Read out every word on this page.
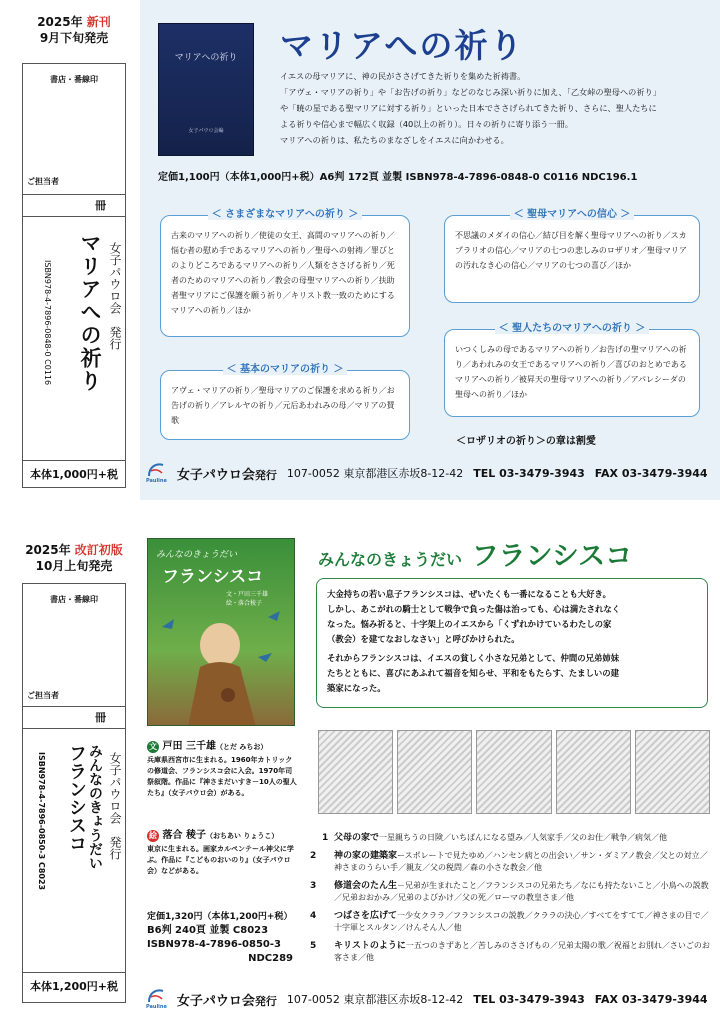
2025年 新刊
9月下旬発売
書店・番線印
ご担当者
冊
マリアへの祈り
ISBN978-4-7896-0848-0 C0116	女子パウロ会　発行
本体1,000円+税
マリアへの祈り
女子パウロ会編
マリアへの祈り
イエスの母マリアに、神の民がささげてきた祈りを集めた祈祷書。
「アヴェ・マリアの祈り」や「お告げの祈り」などのなじみ深い祈りに加え、「乙女峠の聖母への祈り」
や「暁の星である聖マリアに対する祈り」といった日本でささげられてきた祈り、さらに、聖人たちに
よる祈りや信心まで幅広く収録（40以上の祈り）。日々の祈りに寄り添う一冊。
マリアへの祈りは、私たちのまなざしをイエスに向かわせる。
定価1,100円（本体1,000円+税）A6判 172頁 並製 ISBN978-4-7896-0848-0 C0116 NDC196.1
＜ さまざまなマリアへの祈り ＞
古来のマリアへの祈り／使徒の女王、高間のマリアへの祈り／悩む者の慰め手であるマリアへの祈り／聖母への射祷／罪びとのよりどころであるマリアへの祈り／人類をささげる祈り／死者のためのマリアへの祈り／教会の母聖マリアへの祈り／扶助者聖マリアにご保護を願う祈り／キリスト教一致のためにするマリアへの祈り／ほか
＜ 基本のマリアの祈り ＞
アヴェ・マリアの祈り／聖母マリアのご保護を求める祈り／お告げの祈り／アレルヤの祈り／元后あわれみの母／マリアの賛歌
＜ 聖母マリアへの信心 ＞
不思議のメダイの信心／結び目を解く聖母マリアへの祈り／スカプラリオの信心／マリアの七つの悲しみのロザリオ／聖母マリアの汚れなき心の信心／マリアの七つの喜び／ほか
＜ 聖人たちのマリアへの祈り ＞
いつくしみの母であるマリアへの祈り／お告げの聖マリアへの祈り／あわれみの女王であるマリアへの祈り／喜びのおとめであるマリアへの祈り／被昇天の聖母マリアへの祈り／アパレシーダの聖母への祈り／ほか
＜ロザリオの祈り＞の章は割愛
Pauline 女子パウロ会発行 107-0052 東京都港区赤坂8-12-42 TEL 03-3479-3943 FAX 03-3479-3944
2025年 改訂初版
10月上旬発売
書店・番線印
ご担当者
冊
みんなのきょうだい
フランシスコ
ISBN978-4-7896-0850-3 C8023	女子パウロ会　発行
本体1,200円+税
みんなのきょうだい
フランシスコ
文・戸田三千雄
絵・落合稜子
みんなのきょうだい フランシスコ
大金持ちの若い息子フランシスコは、ぜいたくも一番になることも大好き。
しかし、あこがれの騎士として戦争で負った傷は治っても、心は満たされなく
なった。悩み祈ると、十字架上のイエスから「くずれかけているわたしの家
（教会）を建てなおしなさい」と呼びかけられた。
それからフランシスコは、イエスの貧しく小さな兄弟として、仲間の兄弟姉妹
たちとともに、喜びにあふれて福音を知らせ、平和をもたらす、たましいの建
築家になった。
文 戸田 三千雄（とだ みちお）
兵庫県西宮市に生まれる。1960年カトリックの修道会、フランシスコ会に入会。1970年司祭叙階。作品に『神さまだいすき－10人の聖人たち』（女子パウロ会）がある。
絵 落合 稜子（おちあい りょうこ）
東京に生まれる。画家カルペンテール神父に学ぶ。作品に『こどものおいのり』（女子パウロ会）などがある。
定価1,320円（本体1,200円+税）
B6判 240頁 並製 C8023
ISBN978-4-7896-0850-3
NDC289
1 父母の家で一星親ちうの日険／いちばんになる望み／人気家手／父のお仕／戦争／病気／他
2 神の家の建築家ースポレートで見たゆめ／ハンセン病との出会い／サン・ダミアノ教会／父との対立／神さまのうらい手／親友／父の税問／森の小さな教会／他
3 修道会のたん生－兄弟が生まれたこと／フランシスコの兄弟たち／なにも持たないこと／小鳥への説教／兄弟おおかみ／兄弟のよびかけ／父の死／ローマの教皇さま／他
4 つばさを広げて一少女クララ／フランシスコの説教／クララの決心／すべてをすてて／神さまの目で／十字軍とスルタン／けんそん人／他
5 キリストのように一五つのきずあと／苦しみのささげもの／兄弟太陽の歌／祝福とお別れ／さいごのお客さま／他
Pauline 女子パウロ会発行 107-0052 東京都港区赤坂8-12-42 TEL 03-3479-3943 FAX 03-3479-3944
